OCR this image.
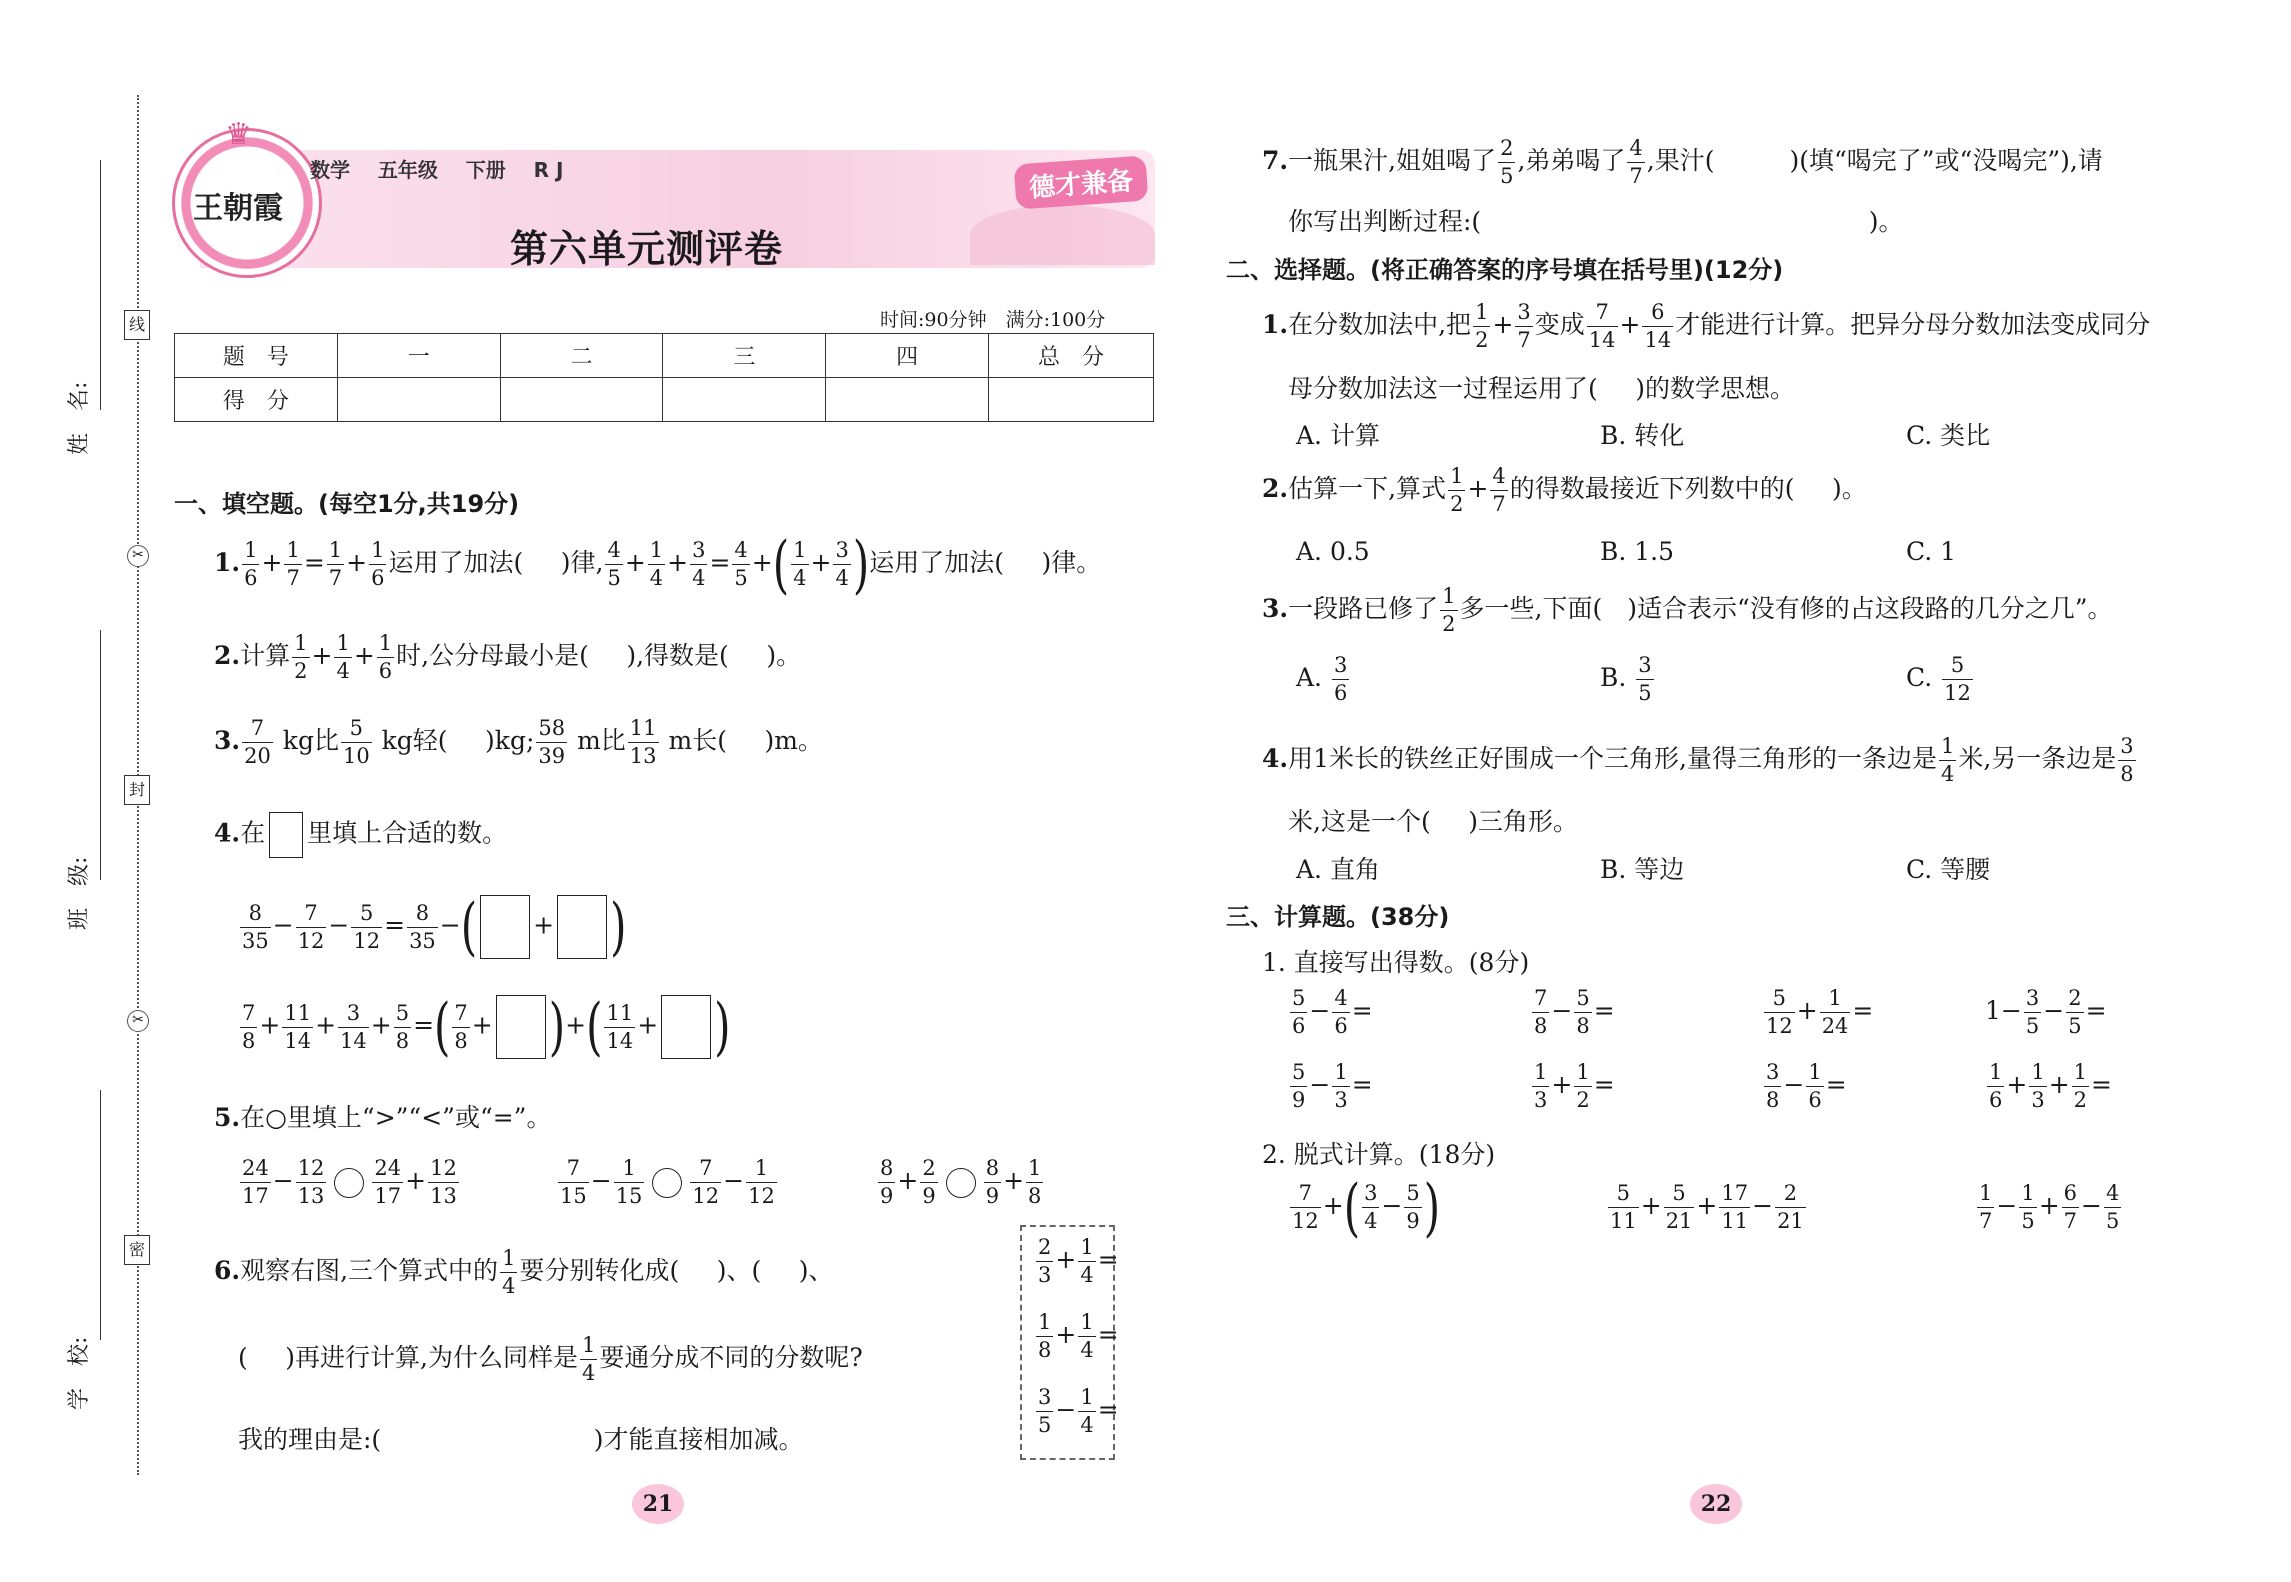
姓　名:
班　级:
学　校:
线
封
密
✂
✂
王朝霞
♛
数学 五年级 下册 R J	德才兼备
第六单元测评卷
时间:90分钟　满分:100分
题　号	一	二	三	四	总　分
得　分					
一、填空题。(每空1分,共19分)
1. $\frac{1}{6} + \frac{1}{7} = \frac{1}{7} + \frac{1}{6}$ 运用了加法(   )律, $\frac{4}{5} + \frac{1}{4} + \frac{3}{4} = \frac{4}{5}$ +( $\frac{1}{4} + \frac{3}{4}$ )运用了加法(   )律。
2.计算 $\frac{1}{2} + \frac{1}{4} + \frac{1}{6}$ 时,公分母最小是(   ),得数是(   )。
3. $\frac{7}{20}$ kg比 $\frac{5}{10}$ kg轻(   )kg; $\frac{58}{39}$ m比 $\frac{11}{13}$ m长(   )m。
4.在 里填上合适的数。
$\frac{8}{35} - \frac{7}{12} - \frac{5}{12} = \frac{8}{35}$ −( + )
$\frac{7}{8} + \frac{11}{14} + \frac{3}{14} + \frac{5}{8}$ =( $\frac{7}{8}$ + )+( $\frac{11}{14}$ + )
5.在○里填上“>”“<”或“=”。
$\frac{24}{17} - \frac{12}{13} \frac{24}{17} + \frac{12}{13}$	$\frac{7}{15} - \frac{1}{15} \frac{7}{12} - \frac{1}{12}$	$\frac{8}{9} + \frac{2}{9} \frac{8}{9} + \frac{1}{8}$
6.观察右图,三个算式中的 $\frac{1}{4}$ 要分别转化成(   )、(   )、
(   )再进行计算,为什么同样是 $\frac{1}{4}$ 要通分成不同的分数呢?
我的理由是:(         	)才能直接相加减。
$\frac{2}{3} + \frac{1}{4}$ =
$\frac{1}{8} + \frac{1}{4}$ =
$\frac{3}{5} - \frac{1}{4}$ =
21
7.一瓶果汁,姐姐喝了 $\frac{2}{5}$ ,弟弟喝了 $\frac{4}{7}$ ,果汁(   	)(填“喝完了”或“没喝完”),请
你写出判断过程:(                	)。
二、选择题。(将正确答案的序号填在括号里)(12分)
1.在分数加法中,把 $\frac{1}{2} + \frac{3}{7}$ 变成 $\frac{7}{14} + \frac{6}{14}$ 才能进行计算。把异分母分数加法变成同分
母分数加法这一过程运用了(   )的数学思想。
A. 计算	B. 转化	C. 类比
2.估算一下,算式 $\frac{1}{2} + \frac{4}{7}$ 的得数最接近下列数中的(   )。
A. 0.5	B. 1.5	C. 1
3.一段路已修了 $\frac{1}{2}$ 多一些,下面(  )适合表示“没有修的占这段路的几分之几”。
A. $\frac{3}{6}$	B. $\frac{3}{5}$	C. $\frac{5}{12}$
4.用1米长的铁丝正好围成一个三角形,量得三角形的一条边是 $\frac{1}{4}$ 米,另一条边是 $\frac{3}{8}$
米,这是一个(   )三角形。
A. 直角	B. 等边	C. 等腰
三、计算题。(38分)
1. 直接写出得数。(8分)
$\frac{5}{6} - \frac{4}{6}$ =	$\frac{7}{8} - \frac{5}{8}$ =	$\frac{5}{12} + \frac{1}{24}$ =	$1- \frac{3}{5} - \frac{2}{5}$ =
$\frac{5}{9} - \frac{1}{3}$ =	$\frac{1}{3} + \frac{1}{2}$ =	$\frac{3}{8} - \frac{1}{6}$ =	$\frac{1}{6} + \frac{1}{3} + \frac{1}{2}$ =
2. 脱式计算。(18分)
$\frac{7}{12}$ +( $\frac{3}{4} - \frac{5}{9}$ )	$\frac{5}{11} + \frac{5}{21} + \frac{17}{11} - \frac{2}{21}$	$\frac{1}{7} - \frac{1}{5} + \frac{6}{7} - \frac{4}{5}$
22
